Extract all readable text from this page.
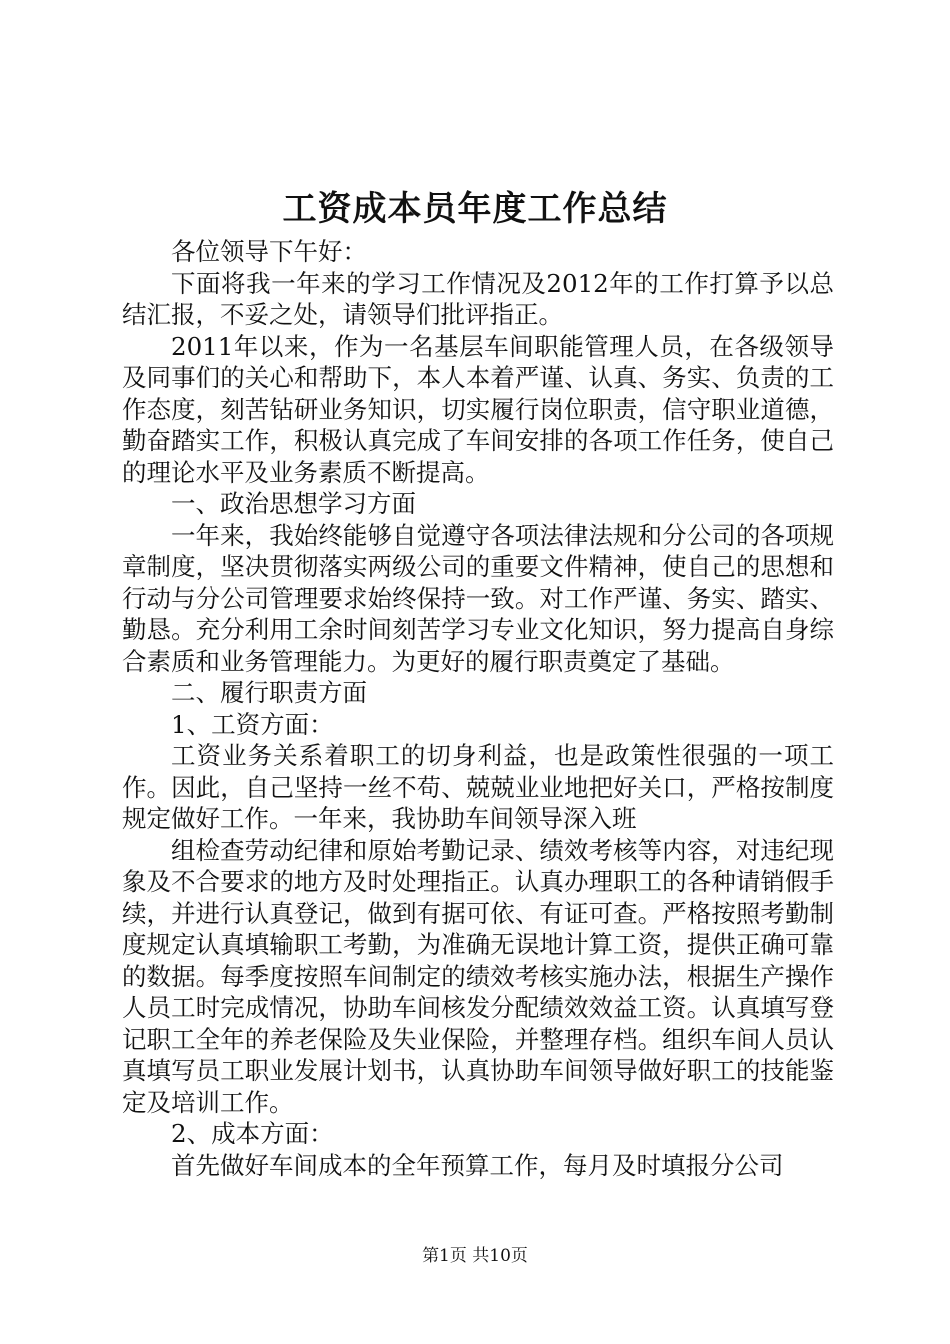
工资成本员年度工作总结

各位领导下午好：

下面将我一年来的学习工作情况及2012年的工作打算予以总结汇报，不妥之处，请领导们批评指正。

2011年以来，作为一名基层车间职能管理人员，在各级领导及同事们的关心和帮助下，本人本着严谨、认真、务实、负责的工作态度，刻苦钻研业务知识，切实履行岗位职责，信守职业道德，勤奋踏实工作，积极认真完成了车间安排的各项工作任务，使自己的理论水平及业务素质不断提高。

一、政治思想学习方面

一年来，我始终能够自觉遵守各项法律法规和分公司的各项规章制度，坚决贯彻落实两级公司的重要文件精神，使自己的思想和行动与分公司管理要求始终保持一致。对工作严谨、务实、踏实、勤恳。充分利用工余时间刻苦学习专业文化知识，努力提高自身综合素质和业务管理能力。为更好的履行职责奠定了基础。

二、履行职责方面

1、工资方面：

工资业务关系着职工的切身利益，也是政策性很强的一项工作。因此，自己坚持一丝不苟、兢兢业业地把好关口，严格按制度规定做好工作。一年来，我协助车间领导深入班

组检查劳动纪律和原始考勤记录、绩效考核等内容，对违纪现象及不合要求的地方及时处理指正。认真办理职工的各种请销假手续，并进行认真登记，做到有据可依、有证可查。严格按照考勤制度规定认真填输职工考勤，为准确无误地计算工资，提供正确可靠的数据。每季度按照车间制定的绩效考核实施办法，根据生产操作人员工时完成情况，协助车间核发分配绩效效益工资。认真填写登记职工全年的养老保险及失业保险，并整理存档。组织车间人员认真填写员工职业发展计划书，认真协助车间领导做好职工的技能鉴定及培训工作。

2、成本方面：

首先做好车间成本的全年预算工作，每月及时填报分公司

第1页 共10页
